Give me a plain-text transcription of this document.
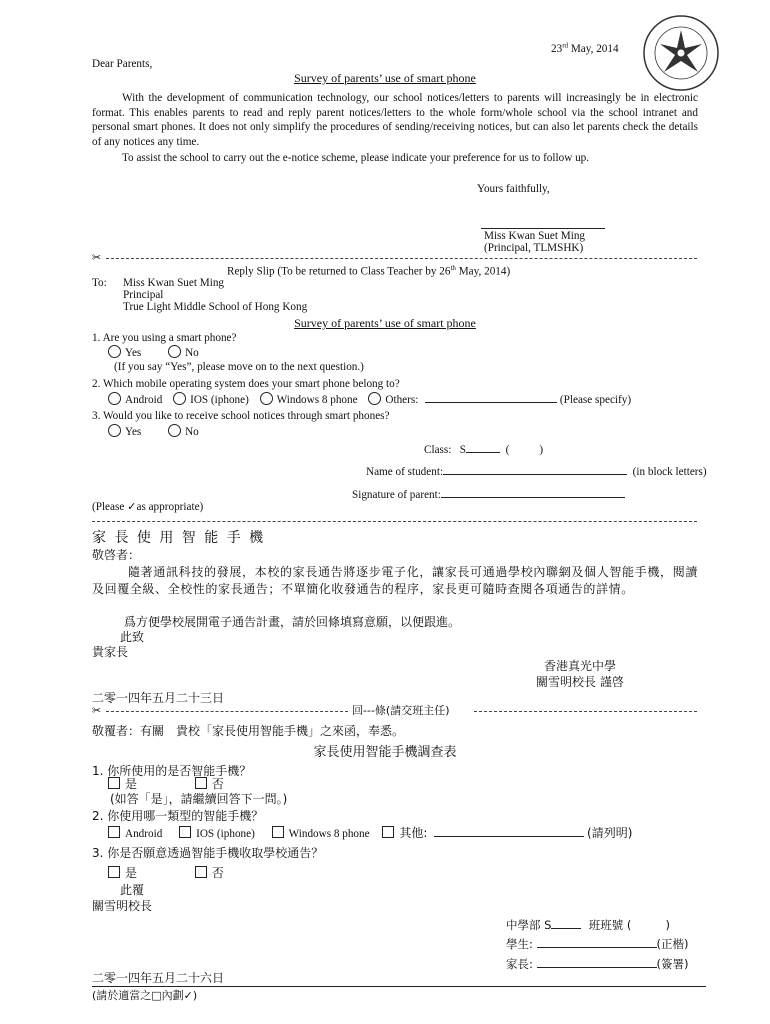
23rd May, 2014
Dear Parents,
Survey of parents’ use of smart phone
With the development of communication technology, our school notices/letters to parents will increasingly be in electronic format. This enables parents to read and reply parent notices/letters to the whole form/whole school via the school intranet and personal smart phones. It does not only simplify the procedures of sending/receiving notices, but can also let parents check the details of any notices any time.
To assist the school to carry out the e-notice scheme, please indicate your preference for us to follow up.
Yours faithfully,
Miss Kwan Suet Ming
(Principal, TLMSHK)
✂
Reply Slip (To be returned to Class Teacher by 26th May, 2014)
To: Miss Kwan Suet Ming
Principal
True Light Middle School of Hong Kong
Survey of parents’ use of smart phone
1. Are you using a smart phone?
Yes	No
(If you say “Yes”, please move on to the next question.)
2. Which mobile operating system does your smart phone belong to?
Android IOS (iphone) Windows 8 phone Others:	(Please specify)
3. Would you like to receive school notices through smart phones?
Yes	No
Class: S	(	)
Name of student:	(in block letters)
Signature of parent:
(Please ✓as appropriate)
家 長 使 用 智 能 手 機
敬啓者：
隨著通訊科技的發展，本校的家長通告將逐步電子化，讓家長可通過學校內聯網及個人智能手機，閱讀及回覆全級、全校性的家長通告；不單簡化收發通告的程序，家長更可隨時查閱各項通告的詳情。
爲方便學校展開電子通告計畫，請於回條填寫意願，以便跟進。
此致
貴家長
香港真光中學
關雪明校長 謹啓
二零一四年五月二十三日
✂	回---條(請交班主任)
敬覆者：有關　貴校「家長使用智能手機」之來函，奉悉。
家長使用智能手機調查表
1. 你所使用的是否智能手機？
是	否
(如答「是」，請繼續回答下一問。)
2. 你使用哪一類型的智能手機？
Android	IOS (iphone)	Windows 8 phone 其他:	(請列明)
3. 你是否願意透過智能手機收取學校通告？
是	否
此覆
關雪明校長
中學部 S	班班號 (	)
學生:	(正楷)
家長:	(簽署)
二零一四年五月二十六日
(請於適當之□內劃✓)
